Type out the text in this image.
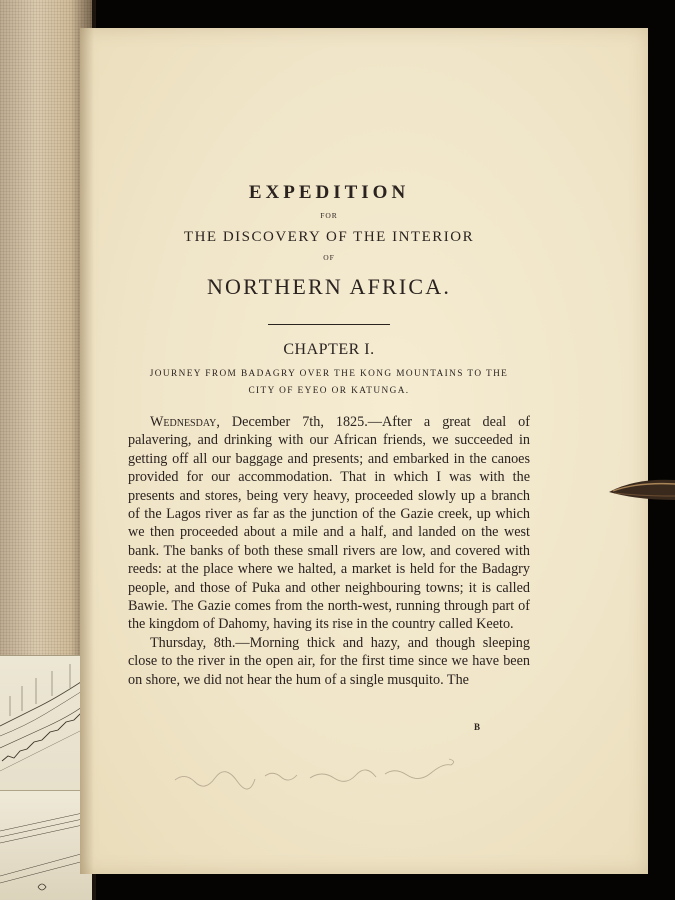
EXPEDITION

FOR

THE DISCOVERY OF THE INTERIOR

OF

NORTHERN AFRICA.

CHAPTER I.

JOURNEY FROM BADAGRY OVER THE KONG MOUNTAINS TO THE
CITY OF EYEO OR KATUNGA.

Wednesday, December 7th, 1825.—After a great deal of palavering, and drinking with our African friends, we succeeded in getting off all our baggage and presents; and embarked in the canoes provided for our accommodation. That in which I was with the presents and stores, being very heavy, proceeded slowly up a branch of the Lagos river as far as the junction of the Gazie creek, up which we then proceeded about a mile and a half, and landed on the west bank. The banks of both these small rivers are low, and covered with reeds: at the place where we halted, a market is held for the Badagry people, and those of Puka and other neighbouring towns; it is called Bawie. The Gazie comes from the north-west, running through part of the kingdom of Dahomy, having its rise in the country called Keeto.

Thursday, 8th.—Morning thick and hazy, and though sleeping close to the river in the open air, for the first time since we have been on shore, we did not hear the hum of a single musquito. The

B
